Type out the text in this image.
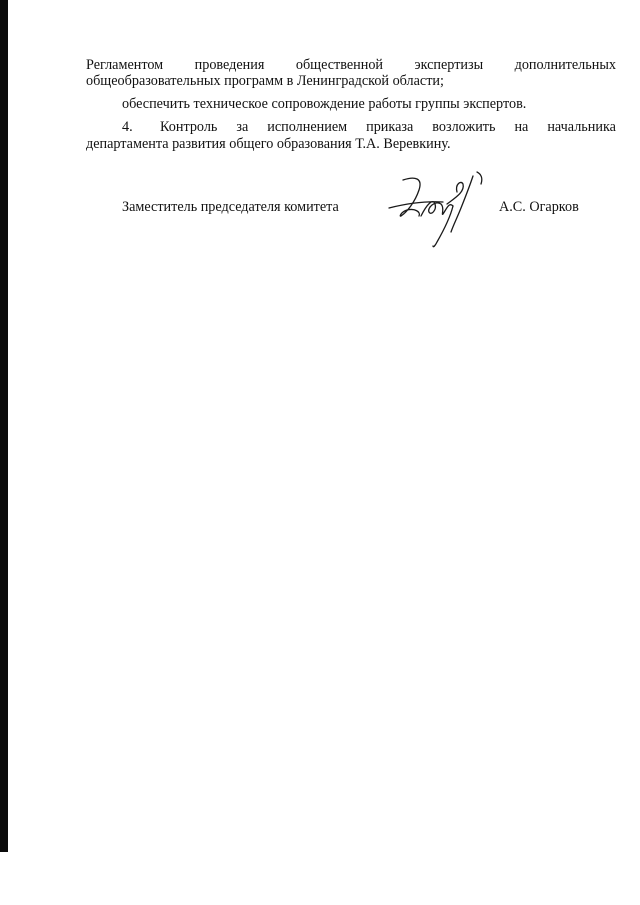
Регламентом проведения общественной экспертизы дополнительных
общеобразовательных программ в Ленинградской области;
обеспечить техническое сопровождение работы группы экспертов.
4. Контроль за исполнением приказа возложить на начальника
департамента развития общего образования Т.А. Веревкину.
Заместитель председателя комитета	А.С. Огарков
